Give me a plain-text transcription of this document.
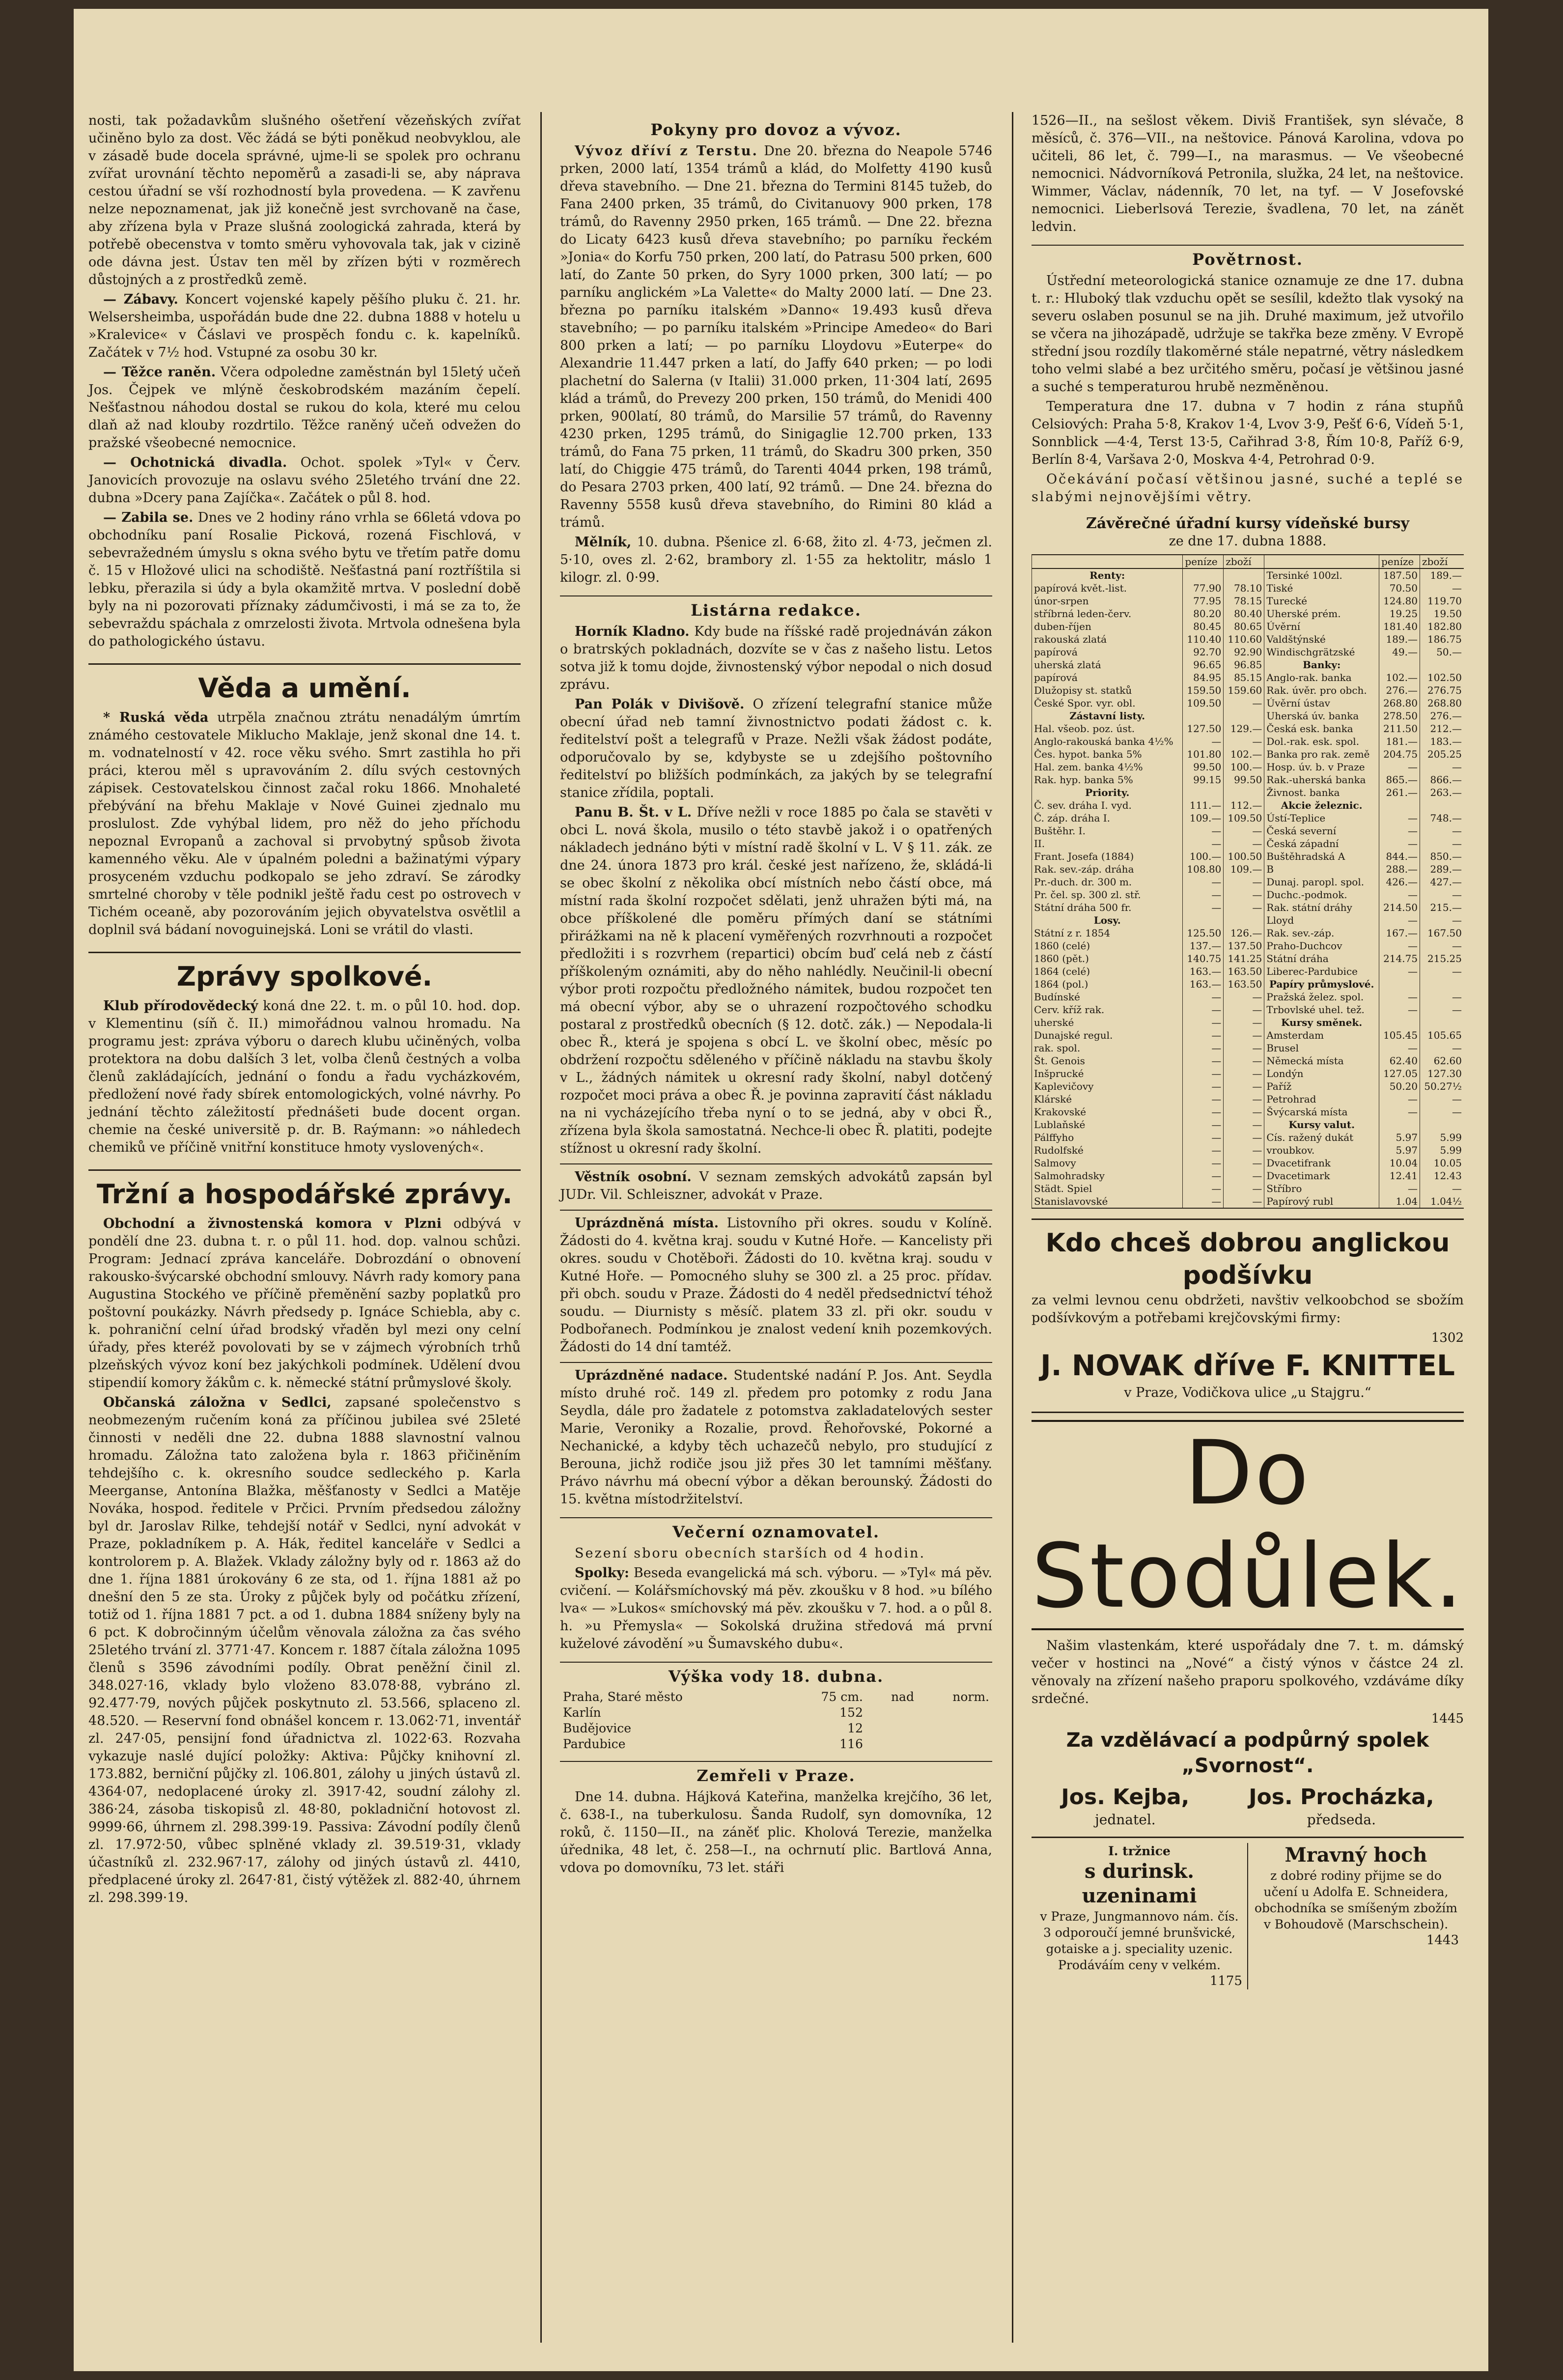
nosti, tak požadavkům slušného ošetření vězeňských zvířat učiněno bylo za dost. Věc žádá se býti poněkud neobvyklou, ale v zásadě bude docela správné, ujme-li se spolek pro ochranu zvířat urovnání těchto nepoměrů a zasadi-li se, aby náprava cestou úřadní se vší rozhodností byla provedena. — K zavřenu nelze nepoznamenat, jak již konečně jest svrchovaně na čase, aby zřízena byla v Praze slušná zoologická zahrada, která by potřebě obecenstva v tomto směru vyhovovala tak, jak v cizině ode dávna jest. Ústav ten měl by zřízen býti v rozměrech důstojných a z prostředků země.

— Zábavy. Koncert vojenské kapely pěšího pluku č. 21. hr. Welsersheimba, uspořádán bude dne 22. dubna 1888 v hotelu u »Kralevice« v Čáslavi ve prospěch fondu c. k. kapelníků. Začátek v 7½ hod. Vstupné za osobu 30 kr.

— Těžce raněn. Včera odpoledne zaměstnán byl 15letý učeň Jos. Čejpek ve mlýně českobrodském mazáním čepelí. Nešťastnou náhodou dostal se rukou do kola, které mu celou dlaň až nad klouby rozdrtilo. Těžce raněný učeň odvežen do pražské všeobecné nemocnice.

— Ochotnická divadla. Ochot. spolek »Tyl« v Červ. Janovicích provozuje na oslavu svého 25letého trvání dne 22. dubna »Dcery pana Zajíčka«. Začátek o půl 8. hod.

— Zabila se. Dnes ve 2 hodiny ráno vrhla se 66letá vdova po obchodníku paní Rosalie Picková, rozená Fischlová, v sebevražedném úmyslu s okna svého bytu ve třetím patře domu č. 15 v Hložové ulici na schodiště. Nešťastná paní roztříštila si lebku, přerazila si údy a byla okamžitě mrtva. V poslední době byly na ni pozorovati příznaky zádumčivosti, i má se za to, že sebevraždu spáchala z omrzelosti života. Mrtvola odnešena byla do pathologického ústavu.

Věda a umění.

* Ruská věda utrpěla značnou ztrátu nenadálým úmrtím známého cestovatele Miklucho Maklaje, jenž skonal dne 14. t. m. vodnatelností v 42. roce věku svého. Smrt zastihla ho při práci, kterou měl s upravováním 2. dílu svých cestovných zápisek. Cestovatelskou činnost začal roku 1866. Mnohaleté přebývání na břehu Maklaje v Nové Guinei zjednalo mu proslulost. Zde vyhýbal lidem, pro něž do jeho příchodu nepoznal Evropanů a zachoval si prvobytný spůsob života kamenného věku. Ale v úpalném poledni a bažinatými výpary prosyceném vzduchu podkopalo se jeho zdraví. Se zárodky smrtelné choroby v těle podnikl ještě řadu cest po ostrovech v Tichém oceaně, aby pozorováním jejich obyvatelstva osvětlil a doplnil svá bádaní novoguinejská. Loni se vrátil do vlasti.

Zprávy spolkové.

Klub přírodovědecký koná dne 22. t. m. o půl 10. hod. dop. v Klementinu (síň č. II.) mimořádnou valnou hromadu. Na programu jest: zpráva výboru o darech klubu učiněných, volba protektora na dobu dalších 3 let, volba členů čestných a volba členů zakládajících, jednání o fondu a řadu vycházkovém, předložení nové řady sbírek entomologických, volné návrhy. Po jednání těchto záležitostí přednášeti bude docent organ. chemie na české universitě p. dr. B. Raýmann: »o náhledech chemiků ve příčině vnitřní konstituce hmoty vyslovených«.

Tržní a hospodářské zprávy.

Obchodní a živnostenská komora v Plzni odbývá v pondělí dne 23. dubna t. r. o půl 11. hod. dop. valnou schůzi. Program: Jednací zpráva kanceláře. Dobrozdání o obnovení rakousko-švýcarské obchodní smlouvy. Návrh rady komory pana Augustina Stockého ve příčině přeměnění sazby poplatků pro poštovní poukázky. Návrh předsedy p. Ignáce Schiebla, aby c. k. pohraniční celní úřad brodský vřaděn byl mezi ony celní úřady, přes kteréž povolovati by se v zájmech výrobních trhů plzeňských vývoz koní bez jakýchkoli podmínek. Udělení dvou stipendií komory žákům c. k. německé státní průmyslové školy.

Občanská záložna v Sedlci, zapsané společenstvo s neobmezeným ručením koná za příčinou jubilea své 25leté činnosti v neděli dne 22. dubna 1888 slavnostní valnou hromadu. Záložna tato založena byla r. 1863 přičiněním tehdejšího c. k. okresního soudce sedleckého p. Karla Meerganse, Antonína Blažka, měšťanosty v Sedlci a Matěje Nováka, hospod. ředitele v Prčici. Prvním předsedou záložny byl dr. Jaroslav Rilke, tehdejší notář v Sedlci, nyní advokát v Praze, pokladníkem p. A. Hák, ředitel kanceláře v Sedlci a kontrolorem p. A. Blažek. Vklady záložny byly od r. 1863 až do dne 1. října 1881 úrokovány 6 ze sta, od 1. října 1881 až po dnešní den 5 ze sta. Úroky z půjček byly od počátku zřízení, totiž od 1. října 1881 7 pct. a od 1. dubna 1884 sníženy byly na 6 pct. K dobročinným účelům věnovala záložna za čas svého 25letého trvání zl. 3771·47. Koncem r. 1887 čítala záložna 1095 členů s 3596 závodními podíly. Obrat peněžní činil zl. 348.027·16, vklady bylo vloženo 83.078·88, vybráno zl. 92.477·79, nových půjček poskytnuto zl. 53.566, splaceno zl. 48.520. — Reservní fond obnášel koncem r. 13.062·71, inventář zl. 247·05, pensijní fond úřadnictva zl. 1022·63. Rozvaha vykazuje naslé dující položky: Aktiva: Půjčky knihovní zl. 173.882, berniční půjčky zl. 106.801, zálohy u jiných ústavů zl. 4364·07, nedoplacené úroky zl. 3917·42, soudní zálohy zl. 386·24, zásoba tiskopisů zl. 48·80, pokladniční hotovost zl. 9999·66, úhrnem zl. 298.399·19. Passiva: Závodní podíly členů zl. 17.972·50, vůbec splněné vklady zl. 39.519·31, vklady účastníků zl. 232.967·17, zálohy od jiných ústavů zl. 4410, předplacené úroky zl. 2647·81, čistý výtěžek zl. 882·40, úhrnem zl. 298.399·19.

Pokyny pro dovoz a vývoz.

Vývoz dříví z Terstu. Dne 20. března do Neapole 5746 prken, 2000 latí, 1354 trámů a klád, do Molfetty 4190 kusů dřeva stavebního. — Dne 21. března do Termini 8145 tužeb, do Fana 2400 prken, 35 trámů, do Civitanuovy 900 prken, 178 trámů, do Ravenny 2950 prken, 165 trámů. — Dne 22. března do Licaty 6423 kusů dřeva stavebního; po parníku řeckém »Jonia« do Korfu 750 prken, 200 latí, do Patrasu 500 prken, 600 latí, do Zante 50 prken, do Syry 1000 prken, 300 latí; — po parníku anglickém »La Valette« do Malty 2000 latí. — Dne 23. března po parníku italském »Danno« 19.493 kusů dřeva stavebního; — po parníku italském »Principe Amedeo« do Bari 800 prken a latí; — po parníku Lloydovu »Euterpe« do Alexandrie 11.447 prken a latí, do Jaffy 640 prken; — po lodi plachetní do Salerna (v Italii) 31.000 prken, 11·304 latí, 2695 klád a trámů, do Prevezy 200 prken, 150 trámů, do Menidi 400 prken, 900latí, 80 trámů, do Marsilie 57 trámů, do Ravenny 4230 prken, 1295 trámů, do Sinigaglie 12.700 prken, 133 trámů, do Fana 75 prken, 11 trámů, do Skadru 300 prken, 350 latí, do Chiggie 475 trámů, do Tarenti 4044 prken, 198 trámů, do Pesara 2703 prken, 400 latí, 92 trámů. — Dne 24. března do Ravenny 5558 kusů dřeva stavebního, do Rimini 80 klád a trámů.

Mělník, 10. dubna. Pšenice zl. 6·68, žito zl. 4·73, ječmen zl. 5·10, oves zl. 2·62, brambory zl. 1·55 za hektolitr, máslo 1 kilogr. zl. 0·99.

Listárna redakce.

Horník Kladno. Kdy bude na říšské radě projednáván zákon o bratrských pokladnách, dozvíte se v čas z našeho listu. Letos sotva již k tomu dojde, živnostenský výbor nepodal o nich dosud zprávu.

Pan Polák v Divišově. O zřízení telegrafní stanice může obecní úřad neb tamní živnostnictvo podati žádost c. k. ředitelství pošt a telegrafů v Praze. Nežli však žádost podáte, odporučovalo by se, kdybyste se u zdejšího poštovního ředitelství po bližších podmínkách, za jakých by se telegrafní stanice zřídila, poptali.

Panu B. Št. v L. Dříve nežli v roce 1885 po čala se stavěti v obci L. nová škola, musilo o této stavbě jakož i o opatřených nákladech jednáno býti v místní radě školní v L. V § 11. zák. ze dne 24. února 1873 pro král. české jest nařízeno, že, skládá-li se obec školní z několika obcí místních nebo částí obce, má místní rada školní rozpočet sdělati, jenž uhražen býti má, na obce příškolené dle poměru přímých daní se státními přirážkami na ně k placení vyměřených rozvrhnouti a rozpočet předložiti i s rozvrhem (repartici) obcím buď celá neb z částí příškoleným oznámiti, aby do něho nahlédly. Neučinil-li obecní výbor proti rozpočtu předložného námitek, budou rozpočet ten má obecní výbor, aby se o uhrazení rozpočtového schodku postaral z prostředků obecních (§ 12. dotč. zák.) — Nepodala-li obec Ř., která je spojena s obcí L. ve školní obec, měsíc po obdržení rozpočtu sděleného v příčině nákladu na stavbu školy v L., žádných námitek u okresní rady školní, nabyl dotčený rozpočet moci práva a obec Ř. je povinna zapravití část nákladu na ni vycházejícího třeba nyní o to se jedná, aby v obci Ř., zřízena byla škola samostatná. Nechce-li obec Ř. platiti, podejte stížnost u okresní rady školní.

Věstník osobní. V seznam zemských advokátů zapsán byl JUDr. Vil. Schleiszner, advokát v Praze.

Uprázdněná místa. Listovního při okres. soudu v Kolíně. Žádosti do 4. května kraj. soudu v Kutné Hoře. — Kancelisty při okres. soudu v Chotěboři. Žádosti do 10. května kraj. soudu v Kutné Hoře. — Pomocného sluhy se 300 zl. a 25 proc. přídav. při obch. soudu v Praze. Žádosti do 4 neděl předsednictví téhož soudu. — Diurnisty s měsíč. platem 33 zl. při okr. soudu v Podbořanech. Podmínkou je znalost vedení knih pozemkových. Žádosti do 14 dní tamtéž.

Uprázdněné nadace. Studentské nadání P. Jos. Ant. Seydla místo druhé roč. 149 zl. předem pro potomky z rodu Jana Seydla, dále pro žadatele z potomstva zakladatelových sester Marie, Veroniky a Rozalie, provd. Řehořovské, Pokorné a Nechanické, a kdyby těch uchazečů nebylo, pro studující z Berouna, jichž rodiče jsou již přes 30 let tamními měšťany. Právo návrhu má obecní výbor a děkan berounský. Žádosti do 15. května místodržitelství.

Večerní oznamovatel.

Sezení sboru obecních starších od 4 hodin.

Spolky: Beseda evangelická má sch. výboru. — »Tyl« má pěv. cvičení. — Kolářsmíchovský má pěv. zkoušku v 8 hod. »u bílého lva« — »Lukos« smíchovský má pěv. zkoušku v 7. hod. a o půl 8. h. »u Přemysla« — Sokolská družina středová má první kuželové závodění »u Šumavského dubu«.

Výška vody 18. dubna.
Praha, Staré město	75 cm.	nad	norm.
Karlín	152		
Budějovice	12		
Pardubice	116		
Zemřeli v Praze.

Dne 14. dubna. Hájková Kateřina, manželka krejčího, 36 let, č. 638-I., na tuberkulosu. Šanda Rudolf, syn domovníka, 12 roků, č. 1150—II., na záněť plic. Kholová Terezie, manželka úřednika, 48 let, č. 258—I., na ochrnutí plic. Bartlová Anna, vdova po domovníku, 73 let. stáři

1526—II., na sešlost věkem. Diviš František, syn slévače, 8 měsíců, č. 376—VII., na neštovice. Pánová Karolina, vdova po učiteli, 86 let, č. 799—I., na marasmus. — Ve všeobecné nemocnici. Nádvorníková Petronila, služka, 24 let, na neštovice. Wimmer, Václav, nádenník, 70 let, na tyf. — V Josefovské nemocnici. Lieberlsová Terezie, švadlena, 70 let, na zánět ledvin.

Povětrnost.

Ústřední meteorologická stanice oznamuje ze dne 17. dubna t. r.: Hluboký tlak vzduchu opět se sesílil, kdežto tlak vysoký na severu oslaben posunul se na jih. Druhé maximum, jež utvořilo se včera na jihozápadě, udržuje se takřka beze změny. V Evropě střední jsou rozdíly tlakoměrné stále nepatrné, větry následkem toho velmi slabé a bez určitého směru, počasí je většinou jasné a suché s temperaturou hrubě nezměněnou.

Temperatura dne 17. dubna v 7 hodin z rána stupňů Celsiových: Praha 5·8, Krakov 1·4, Lvov 3·9, Pešť 6·6, Vídeň 5·1, Sonnblick —4·4, Terst 13·5, Cařihrad 3·8, Řím 10·8, Paříž 6·9, Berlín 8·4, Varšava 2·0, Moskva 4·4, Petrohrad 0·9.

Očekávání počasí většinou jasné, suché a teplé se slabými nejnovějšími větry.

Závěrečné úřadní kursy vídeňské bursy
ze dne 17. dubna 1888.
	peníze	zboží		peníze	zboží
Renty:			Tersinké 100zl.	187.50	189.—
papírová květ.-list.	77.90	78.10	Tiské	70.50	—
únor-srpen	77.95	78.15	Turecké	124.80	119.70
stříbrná leden-červ.	80.20	80.40	Uherské prém.	19.25	19.50
duben-říjen	80.45	80.65	Úvěrní	181.40	182.80
rakouská zlatá	110.40	110.60	Valdštýnské	189.—	186.75
papírová	92.70	92.90	Windischgrätzské	49.—	50.—
uherská zlatá	96.65	96.85	Banky:		
papírová	84.95	85.15	Anglo-rak. banka	102.—	102.50
Dlužopisy st. statků	159.50	159.60	Rak. úvěr. pro obch.	276.—	276.75
České Spor. vyr. obl.	109.50	—	Úvěrní ústav	268.80	268.80
Zástavní listy.			Uherská úv. banka	278.50	276.—
Hal. všeob. poz. úst.	127.50	129.—	Česká esk. banka	211.50	212.—
Anglo-rakouská banka 4½%	—	—	Dol.-rak. esk. spol.	181.—	183.—
Čes. hypot. banka 5%	101.80	102.—	Banka pro rak. země	204.75	205.25
Hal. zem. banka 4½%	99.50	100.—	Hosp. úv. b. v Praze	—	—
Rak. hyp. banka 5%	99.15	99.50	Rak.-uherská banka	865.—	866.—
Priority.			Živnost. banka	261.—	263.—
Č. sev. dráha I. vyd.	111.—	112.—	Akcie železnic.		
Č. záp. dráha I.	109.—	109.50	Ústí-Teplice	—	748.—
Buštěhr. I.	—	—	Česká severní	—	—
II.	—	—	Česká západní	—	—
Frant. Josefa (1884)	100.—	100.50	Buštěhradská A	844.—	850.—
Rak. sev.-záp. dráha	108.80	109.—	B	288.—	289.—
Pr.-duch. dr. 300 m.	—	—	Dunaj. paropl. spol.	426.—	427.—
Pr. čel. sp. 300 zl. stř.	—	—	Duchc.-podmok.	—	—
Státní dráha 500 fr.	—	—	Rak. státní dráhy	214.50	215.—
Losy.			Lloyd	—	—
Státní z r. 1854	125.50	126.—	Rak. sev.-záp.	167.—	167.50
1860 (celé)	137.—	137.50	Praho-Duchcov	—	—
1860 (pět.)	140.75	141.25	Státní dráha	214.75	215.25
1864 (celé)	163.—	163.50	Liberec-Pardubice	—	—
1864 (pol.)	163.—	163.50	Papíry průmyslové.		
Budínské	—	—	Pražská želez. spol.	—	—
Cerv. kříž rak.	—	—	Trbovlské uhel. tež.	—	—
uherské	—	—	Kursy směnek.		
Dunajské regul.	—	—	Amsterdam	105.45	105.65
rak. spol.	—	—	Brusel	—	—
Št. Genois	—	—	Německá místa	62.40	62.60
Inšprucké	—	—	Londýn	127.05	127.30
Kaplevičovy	—	—	Paříž	50.20	50.27½
Klárské	—	—	Petrohrad	—	—
Krakovské	—	—	Švýcarská místa	—	—
Lublaňské	—	—	Kursy valut.		
Pálffyho	—	—	Cís. ražený dukát	5.97	5.99
Rudolfské	—	—	vroubkov.	5.97	5.99
Salmovy	—	—	Dvacetifrank	10.04	10.05
Salmohradsky	—	—	Dvacetimark	12.41	12.43
Städt. Spiel	—	—	Stříbro	—	—
Stanislavovské	—	—	Papírový rubl	1.04	1.04½
Kdo chceš dobrou anglickou podšívku

za velmi levnou cenu obdržeti, navštiv velkoobchod se sbožím podšívkovým a potřebami krejčovskými firmy:

1302
J. NOVAK dříve F. KNITTEL
v Praze, Vodičkova ulice „u Stajgru.“
Do Stodůlek.

Našim vlastenkám, které uspořádaly dne 7. t. m. dámský večer v hostinci na „Nové“ a čistý výnos v částce 24 zl. věnovaly na zřízení našeho praporu spolkového, vzdáváme díky srdečné.

1445
Za vzdělávací a podpůrný spolek „Svornost“.
Jos. Kejba,
jednatel.
Jos. Procházka,
předseda.
I. tržnice
s durinsk. uzeninami
v Praze, Jungmannovo nám. čís. 3 odporoučí jemné brunšvické, gotaiske a j. speciality uzenic. Prodáváím ceny v velkém.
1175
Mravný hoch
z dobré rodiny přijme se do učení u Adolfa E. Schneidera, obchodníka se smíšeným zbožím v Bohoudově (Marschschein).
1443
